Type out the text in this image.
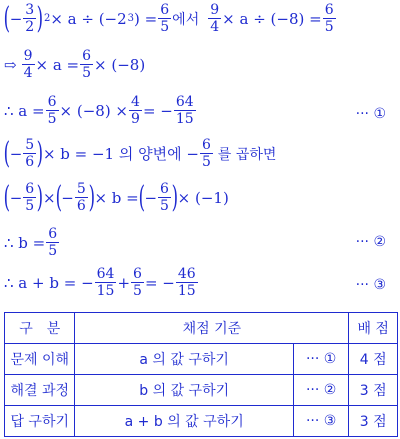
( − $\frac{3}{2}$ ) 2 × a ÷ (−2 3 ) = $\frac{6}{5}$ 에서 $\frac{9}{4} \times a \div (-8) = \frac{6}{5}$
⇨ $\frac{9}{4} \times a = \frac{6}{5} \times (-8)$
∴ $a = \frac{6}{5} \times (-8) \times \frac{4}{9}$ = − $\frac{64}{15}$	··· ①
( − $\frac{5}{6}$ ) × b = −1 의 양변에 − $\frac{6}{5}$ 를 곱하면
( − $\frac{6}{5}$ ) × ( − $\frac{5}{6}$ ) × b = ( − $\frac{6}{5}$ ) × (−1)
∴ $b = \frac{6}{5}$	··· ②
∴ a + b = − $\frac{64}{15} + \frac{6}{5}$ = − $\frac{46}{15}$	··· ③
구　분	채점 기준		배 점
문제 이해	a 의 값 구하기	··· ①	4 점
해결 과정	b 의 값 구하기	··· ②	3 점
답 구하기	a + b 의 값 구하기	··· ③	3 점
